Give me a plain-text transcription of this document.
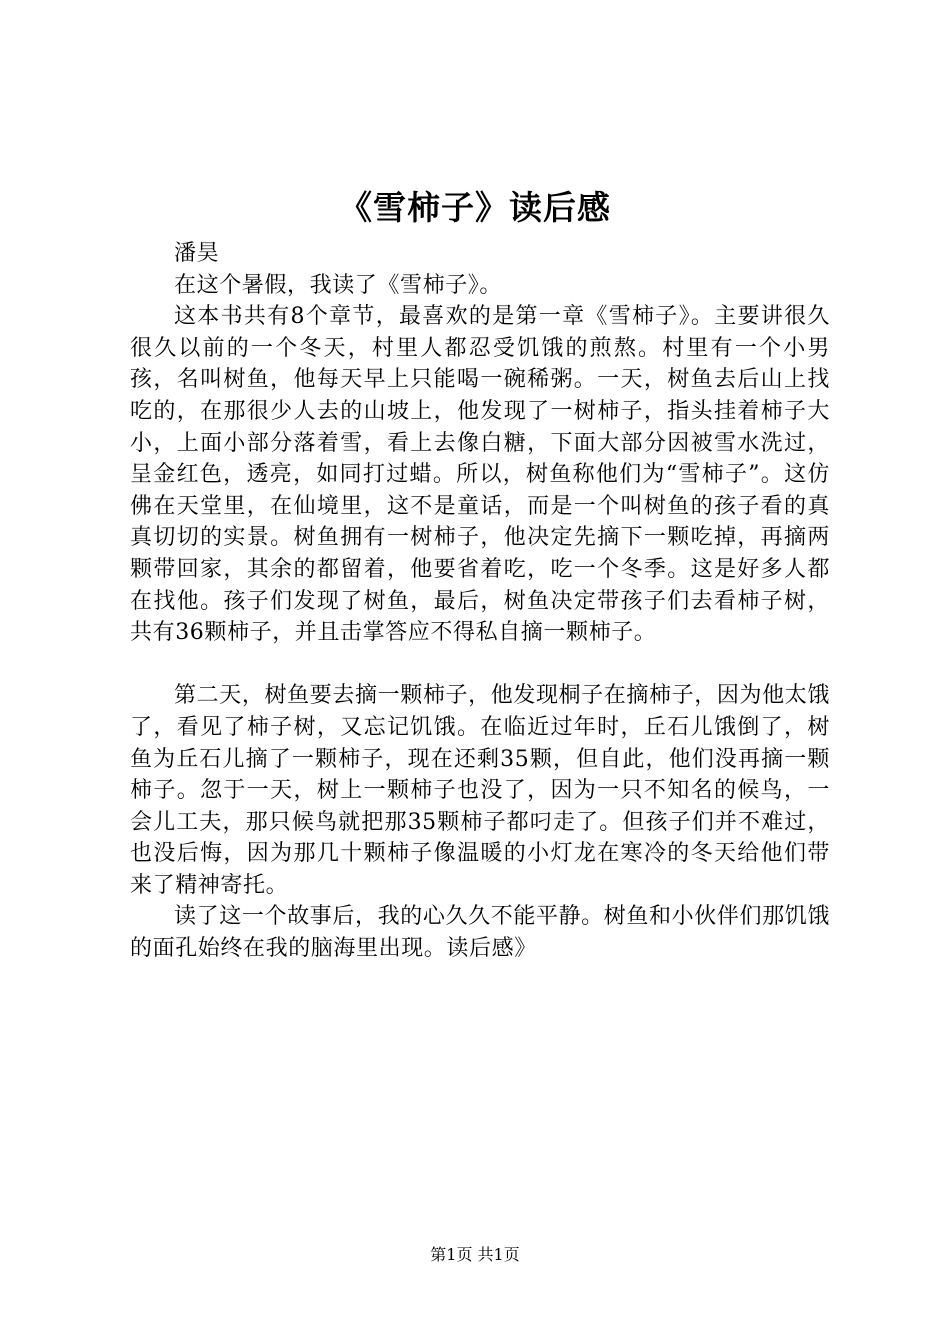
《雪柿子》读后感

潘昊

在这个暑假，我读了《雪柿子》。

这本书共有8个章节，最喜欢的是第一章《雪柿子》。主要讲很久很久以前的一个冬天，村里人都忍受饥饿的煎熬。村里有一个小男孩，名叫树鱼，他每天早上只能喝一碗稀粥。一天，树鱼去后山上找吃的，在那很少人去的山坡上，他发现了一树柿子，指头挂着柿子大小，上面小部分落着雪，看上去像白糖，下面大部分因被雪水洗过，呈金红色，透亮，如同打过蜡。所以，树鱼称他们为“雪柿子”。这仿佛在天堂里，在仙境里，这不是童话，而是一个叫树鱼的孩子看的真真切切的实景。树鱼拥有一树柿子，他决定先摘下一颗吃掉，再摘两颗带回家，其余的都留着，他要省着吃，吃一个冬季。这是好多人都在找他。孩子们发现了树鱼，最后，树鱼决定带孩子们去看柿子树，共有36颗柿子，并且击掌答应不得私自摘一颗柿子。

第二天，树鱼要去摘一颗柿子，他发现桐子在摘柿子，因为他太饿了，看见了柿子树，又忘记饥饿。在临近过年时，丘石儿饿倒了，树鱼为丘石儿摘了一颗柿子，现在还剩35颗，但自此，他们没再摘一颗柿子。忽于一天，树上一颗柿子也没了，因为一只不知名的候鸟，一会儿工夫，那只候鸟就把那35颗柿子都叼走了。但孩子们并不难过，也没后悔，因为那几十颗柿子像温暖的小灯龙在寒冷的冬天给他们带来了精神寄托。

读了这一个故事后，我的心久久不能平静。树鱼和小伙伴们那饥饿的面孔始终在我的脑海里出现。读后感》

第1页 共1页
